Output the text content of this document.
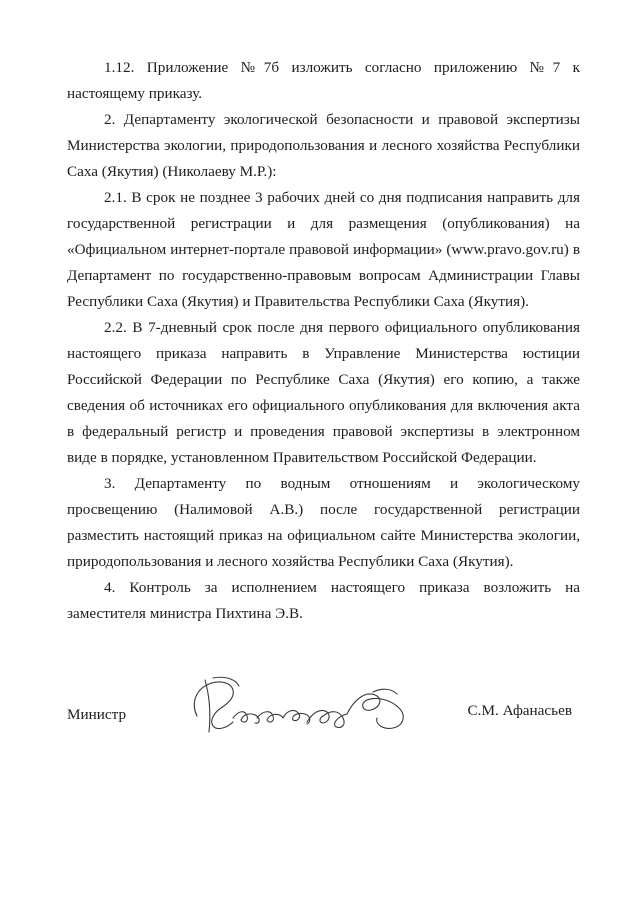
1.12. Приложение №7б изложить согласно приложению №7 к настоящему приказу.

2. Департаменту экологической безопасности и правовой экспертизы Министерства экологии, природопользования и лесного хозяйства Республики Саха (Якутия) (Николаеву М.Р.):

2.1. В срок не позднее 3 рабочих дней со дня подписания направить для государственной регистрации и для размещения (опубликования) на «Официальном интернет-портале правовой информации» (www.pravo.gov.ru) в Департамент по государственно-правовым вопросам Администрации Главы Республики Саха (Якутия) и Правительства Республики Саха (Якутия).

2.2. В 7-дневный срок после дня первого официального опубликования настоящего приказа направить в Управление Министерства юстиции Российской Федерации по Республике Саха (Якутия) его копию, а также сведения об источниках его официального опубликования для включения акта в федеральный регистр и проведения правовой экспертизы в электронном виде в порядке, установленном Правительством Российской Федерации.

3. Департаменту по водным отношениям и экологическому просвещению (Налимовой А.В.) после государственной регистрации разместить настоящий приказ на официальном сайте Министерства экологии, природопользования и лесного хозяйства Республики Саха (Якутия).

4. Контроль за исполнением настоящего приказа возложить на заместителя министра Пихтина Э.В.

Министр	С.М. Афанасьев
